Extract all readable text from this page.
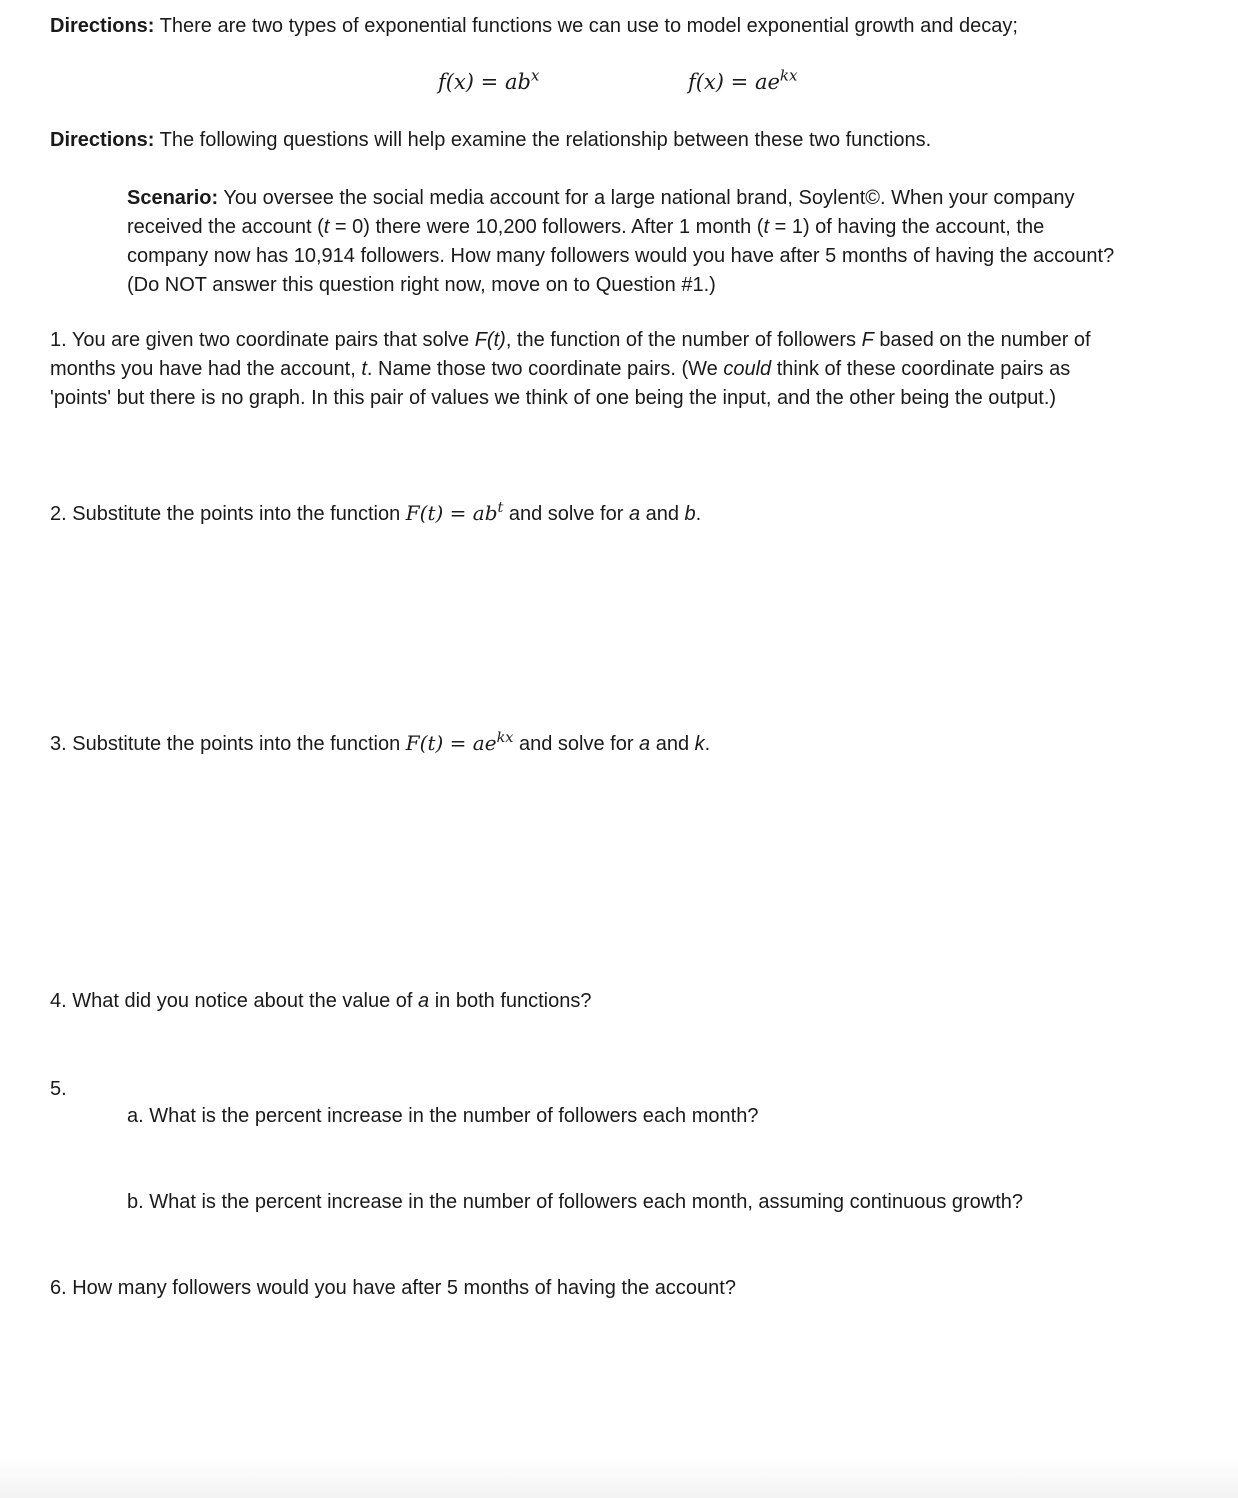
Directions: There are two types of exponential functions we can use to model exponential growth and decay;
$f(x) = ab^x$	$f(x) = ae^{kx}$
Directions: The following questions will help examine the relationship between these two functions.
Scenario: You oversee the social media account for a large national brand, Soylent©. When your company
received the account (t = 0) there were 10,200 followers. After 1 month (t = 1) of having the account, the
company now has 10,914 followers. How many followers would you have after 5 months of having the account?
(Do NOT answer this question right now, move on to Question #1.)
1. You are given two coordinate pairs that solve F(t), the function of the number of followers F based on the number of
months you have had the account, t. Name those two coordinate pairs. (We could think of these coordinate pairs as
'points' but there is no graph. In this pair of values we think of one being the input, and the other being the output.)
2. Substitute the points into the function $F(t) = ab^t$ and solve for a and b.
3. Substitute the points into the function $F(t) = ae^{kx}$ and solve for a and k.
4. What did you notice about the value of a in both functions?
5.
a. What is the percent increase in the number of followers each month?
b. What is the percent increase in the number of followers each month, assuming continuous growth?
6. How many followers would you have after 5 months of having the account?
